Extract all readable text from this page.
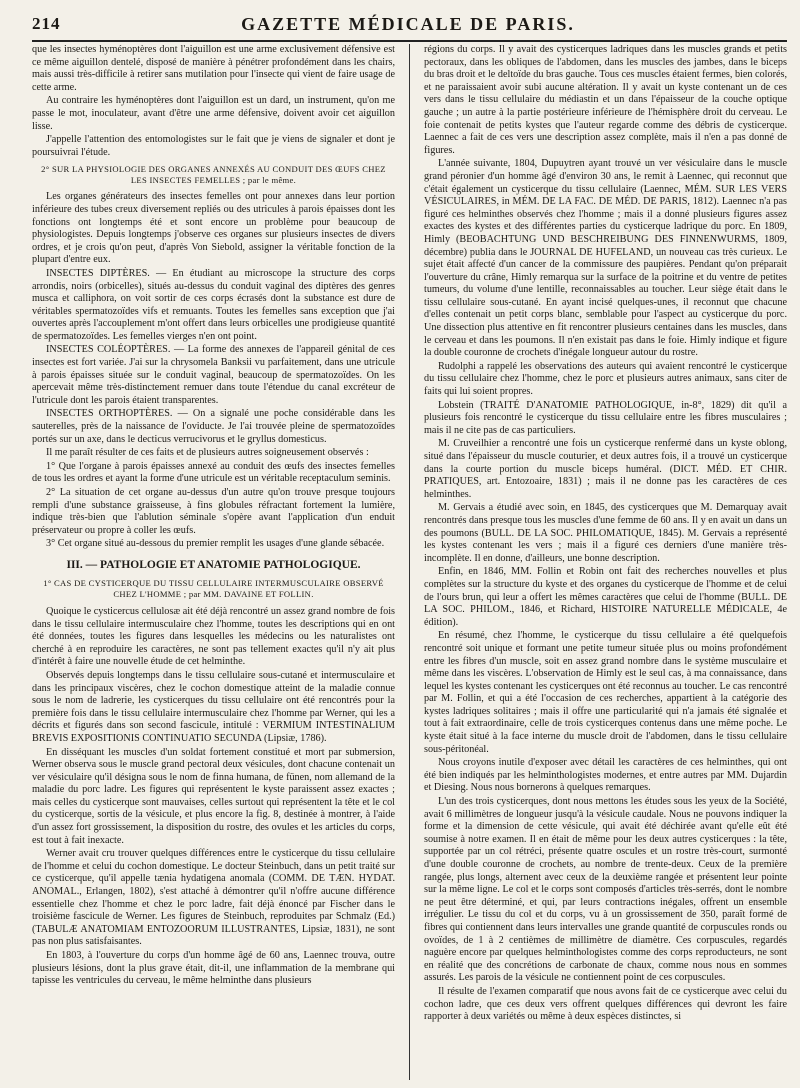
214	GAZETTE MÉDICALE DE PARIS.

que les insectes hyménoptères dont l'aiguillon est une arme exclusivement défensive est ce même aiguillon dentelé, disposé de manière à pénétrer profondément dans les chairs, mais aussi très-difficile à retirer sans mutilation pour l'insecte qui vient de faire usage de cette arme.

Au contraire les hyménoptères dont l'aiguillon est un dard, un instrument, qu'on me passe le mot, inoculateur, avant d'être une arme défensive, doivent avoir cet aiguillon lisse.

J'appelle l'attention des entomologistes sur le fait que je viens de signaler et dont je poursuivrai l'étude.

2° SUR LA PHYSIOLOGIE DES ORGANES ANNEXÉS AU CONDUIT DES ŒUFS CHEZ LES INSECTES FEMELLES ; par le même.

Les organes générateurs des insectes femelles ont pour annexes dans leur portion inférieure des tubes creux diversement repliés ou des utricules à parois épaisses dont les fonctions ont longtemps été et sont encore un problème pour beaucoup de physiologistes. Depuis longtemps j'observe ces organes sur plusieurs insectes de divers ordres, et je crois qu'on peut, d'après Von Siebold, assigner la véritable fonction de la plupart d'entre eux.

INSECTES DIPTÈRES. — En étudiant au microscope la structure des corps arrondis, noirs (orbicelles), situés au-dessus du conduit vaginal des diptères des genres musca et calliphora, on voit sortir de ces corps écrasés dont la substance est dure de véritables spermatozoïdes vifs et remuants. Toutes les femelles sans exception que j'ai ouvertes après l'accouplement m'ont offert dans leurs orbicelles une prodigieuse quantité de spermatozoïdes. Les femelles vierges n'en ont point.

INSECTES COLÉOPTÈRES. — La forme des annexes de l'appareil génital de ces insectes est fort variée. J'ai sur la chrysomela Banksii vu parfaitement, dans une utricule à parois épaisses située sur le conduit vaginal, beaucoup de spermatozoïdes. On les apercevait même très-distinctement remuer dans toute l'étendue du canal excréteur de l'utricule dont les parois étaient transparentes.

INSECTES ORTHOPTÈRES. — On a signalé une poche considérable dans les sauterelles, près de la naissance de l'oviducte. Je l'ai trouvée pleine de spermatozoïdes portés sur un axe, dans le decticus verrucivorus et le gryllus domesticus.

Il me paraît résulter de ces faits et de plusieurs autres soigneusement observés :

1° Que l'organe à parois épaisses annexé au conduit des œufs des insectes femelles de tous les ordres et ayant la forme d'une utricule est un véritable receptaculum seminis.

2° La situation de cet organe au-dessus d'un autre qu'on trouve presque toujours rempli d'une substance graisseuse, à fins globules réfractant fortement la lumière, indique très-bien que l'ablution séminale s'opère avant l'application d'un enduit préservateur ou propre à coller les œufs.

3° Cet organe situé au-dessous du premier remplit les usages d'une glande sébacée.

III. — PATHOLOGIE ET ANATOMIE PATHOLOGIQUE.
1° CAS DE CYSTICERQUE DU TISSU CELLULAIRE INTERMUSCULAIRE OBSERVÉ CHEZ L'HOMME ; par MM. DAVAINE ET FOLLIN.

Quoique le cysticercus cellulosæ ait été déjà rencontré un assez grand nombre de fois dans le tissu cellulaire intermusculaire chez l'homme, toutes les descriptions qui en ont été données, toutes les figures dans lesquelles les médecins ou les naturalistes ont cherché à en reproduire les caractères, ne sont pas tellement exactes qu'il n'y ait plus d'intérêt à faire une nouvelle étude de cet helminthe.

Observés depuis longtemps dans le tissu cellulaire sous-cutané et intermusculaire et dans les principaux viscères, chez le cochon domestique atteint de la maladie connue sous le nom de ladrerie, les cysticerques du tissu cellulaire ont été rencontrés pour la première fois dans le tissu cellulaire intermusculaire chez l'homme par Werner, qui les a décrits et figurés dans son second fascicule, intitulé : VERMIUM INTESTINALIUM BREVIS EXPOSITIONIS CONTINUATIO SECUNDA (Lipsiæ, 1786).

En disséquant les muscles d'un soldat fortement constitué et mort par submersion, Werner observa sous le muscle grand pectoral deux vésicules, dont chacune contenait un ver vésiculaire qu'il désigna sous le nom de finna humana, de fünen, nom allemand de la maladie du porc ladre. Les figures qui représentent le kyste paraissent assez exactes ; mais celles du cysticerque sont mauvaises, celles surtout qui représentent la tête et le col du cysticerque, sortis de la vésicule, et plus encore la fig. 8, destinée à montrer, à l'aide d'un assez fort grossissement, la disposition du rostre, des ovules et les articles du corps, est tout à fait inexacte.

Werner avait cru trouver quelques différences entre le cysticerque du tissu cellulaire de l'homme et celui du cochon domestique. Le docteur Steinbuch, dans un petit traité sur ce cysticerque, qu'il appelle tænia hydatigena anomala (COMM. DE TÆN. HYDAT. ANOMAL., Erlangen, 1802), s'est attaché à démontrer qu'il n'offre aucune différence essentielle chez l'homme et chez le porc ladre, fait déjà énoncé par Fischer dans le troisième fascicule de Werner. Les figures de Steinbuch, reproduites par Schmalz (Ed.) (TABULÆ ANATOMIAM ENTOZOORUM ILLUSTRANTES, Lipsiæ, 1831), ne sont pas non plus satisfaisantes.

En 1803, à l'ouverture du corps d'un homme âgé de 60 ans, Laennec trouva, outre plusieurs lésions, dont la plus grave était, dit-il, une inflammation de la membrane qui tapisse les ventricules du cerveau, le même helminthe dans plusieurs

régions du corps. Il y avait des cysticerques ladriques dans les muscles grands et petits pectoraux, dans les obliques de l'abdomen, dans les muscles des jambes, dans le biceps du bras droit et le deltoïde du bras gauche. Tous ces muscles étaient fermes, bien colorés, et ne paraissaient avoir subi aucune altération. Il y avait un kyste contenant un de ces vers dans le tissu cellulaire du médiastin et un dans l'épaisseur de la couche optique gauche ; un autre à la partie postérieure inférieure de l'hémisphère droit du cerveau. Le foie contenait de petits kystes que l'auteur regarde comme des débris de cysticerque. Laennec a fait de ces vers une description assez complète, mais il n'en a pas donné de figures.

L'année suivante, 1804, Dupuytren ayant trouvé un ver vésiculaire dans le muscle grand péronier d'un homme âgé d'environ 30 ans, le remit à Laennec, qui reconnut que c'était également un cysticerque du tissu cellulaire (Laennec, MÉM. SUR LES VERS VÉSICULAIRES, in MÉM. DE LA FAC. DE MÉD. DE PARIS, 1812). Laennec n'a pas figuré ces helminthes observés chez l'homme ; mais il a donné plusieurs figures assez exactes des kystes et des différentes parties du cysticerque ladrique du porc. En 1809, Himly (BEOBACHTUNG UND BESCHREIBUNG DES FINNENWURMS, 1809, décembre) publia dans le JOURNAL DE HUFELAND, un nouveau cas très curieux. Le sujet était affecté d'un cancer de la commissure des paupières. Pendant qu'on préparait l'ouverture du crâne, Himly remarqua sur la surface de la poitrine et du ventre de petites tumeurs, du volume d'une lentille, reconnaissables au toucher. Leur siège était dans le tissu cellulaire sous-cutané. En ayant incisé quelques-unes, il reconnut que chacune d'elles contenait un petit corps blanc, semblable pour l'aspect au cysticerque du porc. Une dissection plus attentive en fit rencontrer plusieurs centaines dans les muscles, dans le cerveau et dans les poumons. Il n'en existait pas dans le foie. Himly indique et figure la double couronne de crochets d'inégale longueur autour du rostre.

Rudolphi a rappelé les observations des auteurs qui avaient rencontré le cysticerque du tissu cellulaire chez l'homme, chez le porc et plusieurs autres animaux, sans citer de faits qui lui soient propres.

Lobstein (TRAITÉ D'ANATOMIE PATHOLOGIQUE, in-8°, 1829) dit qu'il a plusieurs fois rencontré le cysticerque du tissu cellulaire entre les fibres musculaires ; mais il ne cite pas de cas particuliers.

M. Cruveilhier a rencontré une fois un cysticerque renfermé dans un kyste oblong, situé dans l'épaisseur du muscle couturier, et deux autres fois, il a trouvé un cysticerque dans la courte portion du muscle biceps huméral. (DICT. MÉD. ET CHIR. PRATIQUES, art. Entozoaire, 1831) ; mais il ne donne pas les caractères de ces helminthes.

M. Gervais a étudié avec soin, en 1845, des cysticerques que M. Demarquay avait rencontrés dans presque tous les muscles d'une femme de 60 ans. Il y en avait un dans un des poumons (BULL. DE LA SOC. PHILOMATIQUE, 1845). M. Gervais a représenté les kystes contenant les vers ; mais il a figuré ces derniers d'une manière très-incomplète. Il en donne, d'ailleurs, une bonne description.

Enfin, en 1846, MM. Follin et Robin ont fait des recherches nouvelles et plus complètes sur la structure du kyste et des organes du cysticerque de l'homme et de celui de l'ours brun, qui leur a offert les mêmes caractères que celui de l'homme (BULL. DE LA SOC. PHILOM., 1846, et Richard, HISTOIRE NATURELLE MÉDICALE, 4e édition).

En résumé, chez l'homme, le cysticerque du tissu cellulaire a été quelquefois rencontré soit unique et formant une petite tumeur située plus ou moins profondément entre les fibres d'un muscle, soit en assez grand nombre dans le système musculaire et même dans les viscères. L'observation de Himly est le seul cas, à ma connaissance, dans lequel les kystes contenant les cysticerques ont été reconnus au toucher. Le cas rencontré par M. Follin, et qui a été l'occasion de ces recherches, appartient à la catégorie des kystes ladriques solitaires ; mais il offre une particularité qui n'a jamais été signalée et tout à fait extraordinaire, celle de trois cysticerques contenus dans une même poche. Le kyste était situé à la face interne du muscle droit de l'abdomen, dans le tissu cellulaire sous-péritonéal.

Nous croyons inutile d'exposer avec détail les caractères de ces helminthes, qui ont été bien indiqués par les helminthologistes modernes, et entre autres par MM. Dujardin et Diesing. Nous nous bornerons à quelques remarques.

L'un des trois cysticerques, dont nous mettons les études sous les yeux de la Société, avait 6 millimètres de longueur jusqu'à la vésicule caudale. Nous ne pouvons indiquer la forme et la dimension de cette vésicule, qui avait été déchirée avant qu'elle eût été soumise à notre examen. Il en était de même pour les deux autres cysticerques : la tête, supportée par un col rétréci, présente quatre oscules et un rostre très-court, surmonté d'une double couronne de crochets, au nombre de trente-deux. Ceux de la première rangée, plus longs, alternent avec ceux de la deuxième rangée et présentent leur pointe sur la même ligne. Le col et le corps sont composés d'articles très-serrés, dont le nombre ne peut être déterminé, et qui, par leurs contractions inégales, offrent un ensemble irrégulier. Le tissu du col et du corps, vu à un grossissement de 350, paraît formé de fibres qui contiennent dans leurs intervalles une grande quantité de corpuscules ronds ou ovoïdes, de 1 à 2 centièmes de millimètre de diamètre. Ces corpuscules, regardés naguère encore par quelques helminthologistes comme des corps reproducteurs, ne sont en réalité que des concrétions de carbonate de chaux, comme nous nous en sommes assurés. Les parois de la vésicule ne contiennent point de ces corpuscules.

Il résulte de l'examen comparatif que nous avons fait de ce cysticerque avec celui du cochon ladre, que ces deux vers offrent quelques différences qui devront les faire rapporter à deux variétés ou même à deux espèces distinctes, si
